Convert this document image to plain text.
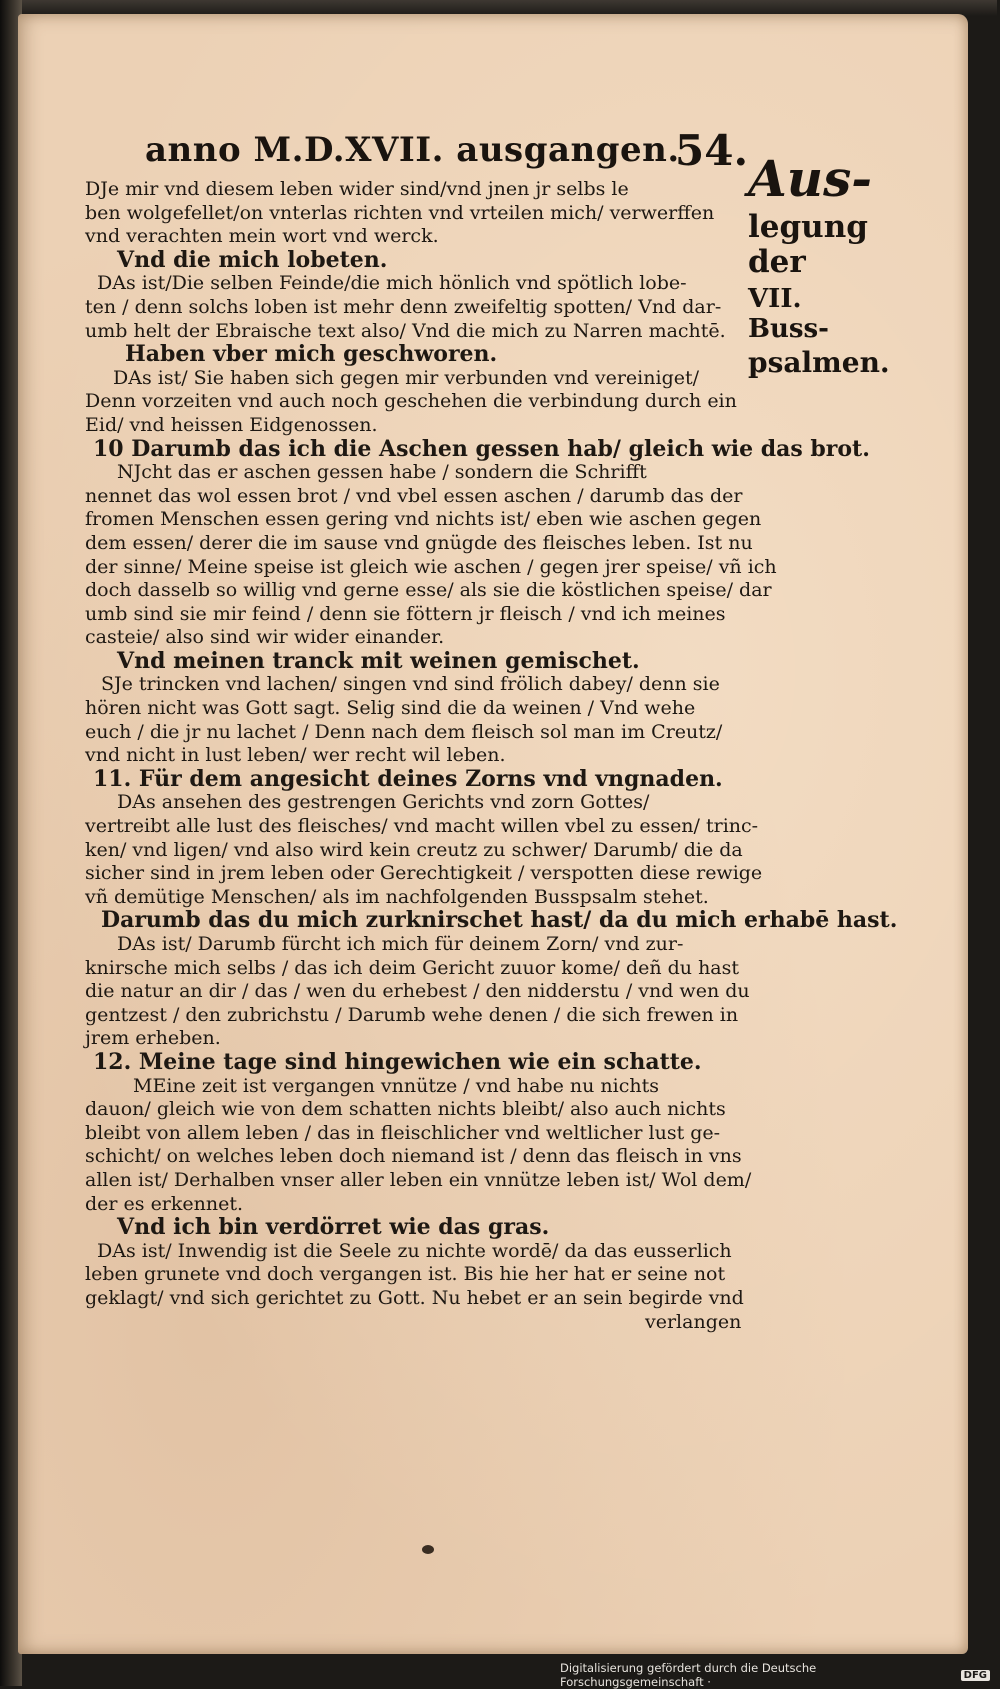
anno M.D.XVII. ausgangen.
54. Aus-
legung der
VII. Buss-
psalmen.
DJe mir vnd diesem leben wider sind/vnd jnen jr selbs le
ben wolgefellet/on vnterlas richten vnd vrteilen mich/ verwerffen
vnd verachten mein wort vnd werck.
Vnd die mich lobeten.
DAs ist/Die selben Feinde/die mich hönlich vnd spötlich lobe-
ten / denn solchs loben ist mehr denn zweifeltig spotten/ Vnd dar-
umb helt der Ebraische text also/ Vnd die mich zu Narren machtē.
Haben vber mich geschworen.
DAs ist/ Sie haben sich gegen mir verbunden vnd vereiniget/
Denn vorzeiten vnd auch noch geschehen die verbindung durch ein
Eid/ vnd heissen Eidgenossen.
10 Darumb das ich die Aschen gessen hab/ gleich wie das brot.
NJcht das er aschen gessen habe / sondern die Schrifft
nennet das wol essen brot / vnd vbel essen aschen / darumb das der
fromen Menschen essen gering vnd nichts ist/ eben wie aschen gegen
dem essen/ derer die im sause vnd gnügde des fleisches leben. Ist nu
der sinne/ Meine speise ist gleich wie aschen / gegen jrer speise/ vñ ich
doch dasselb so willig vnd gerne esse/ als sie die köstlichen speise/ dar
umb sind sie mir feind / denn sie föttern jr fleisch / vnd ich meines
casteie/ also sind wir wider einander.
Vnd meinen tranck mit weinen gemischet.
SJe trincken vnd lachen/ singen vnd sind frölich dabey/ denn sie
hören nicht was Gott sagt. Selig sind die da weinen / Vnd wehe
euch / die jr nu lachet / Denn nach dem fleisch sol man im Creutz/
vnd nicht in lust leben/ wer recht wil leben.
11. Für dem angesicht deines Zorns vnd vngnaden.
DAs ansehen des gestrengen Gerichts vnd zorn Gottes/
vertreibt alle lust des fleisches/ vnd macht willen vbel zu essen/ trinc-
ken/ vnd ligen/ vnd also wird kein creutz zu schwer/ Darumb/ die da
sicher sind in jrem leben oder Gerechtigkeit / verspotten diese rewige
vñ demütige Menschen/ als im nachfolgenden Busspsalm stehet.
Darumb das du mich zurknirschet hast/ da du mich erhabē hast.
DAs ist/ Darumb fürcht ich mich für deinem Zorn/ vnd zur-
knirsche mich selbs / das ich deim Gericht zuuor kome/ deñ du hast
die natur an dir / das / wen du erhebest / den nidderstu / vnd wen du
gentzest / den zubrichstu / Darumb wehe denen / die sich frewen in
jrem erheben.
12. Meine tage sind hingewichen wie ein schatte.
MEine zeit ist vergangen vnnütze / vnd habe nu nichts
dauon/ gleich wie von dem schatten nichts bleibt/ also auch nichts
bleibt von allem leben / das in fleischlicher vnd weltlicher lust ge-
schicht/ on welches leben doch niemand ist / denn das fleisch in vns
allen ist/ Derhalben vnser aller leben ein vnnütze leben ist/ Wol dem/
der es erkennet.
Vnd ich bin verdörret wie das gras.
DAs ist/ Inwendig ist die Seele zu nichte wordē/ da das eusserlich
leben grunete vnd doch vergangen ist. Bis hie her hat er seine not
geklagt/ vnd sich gerichtet zu Gott. Nu hebet er an sein begirde vnd
verlangen
Digitalisierung gefördert durch die Deutsche Forschungsgemeinschaft ·	DFG
